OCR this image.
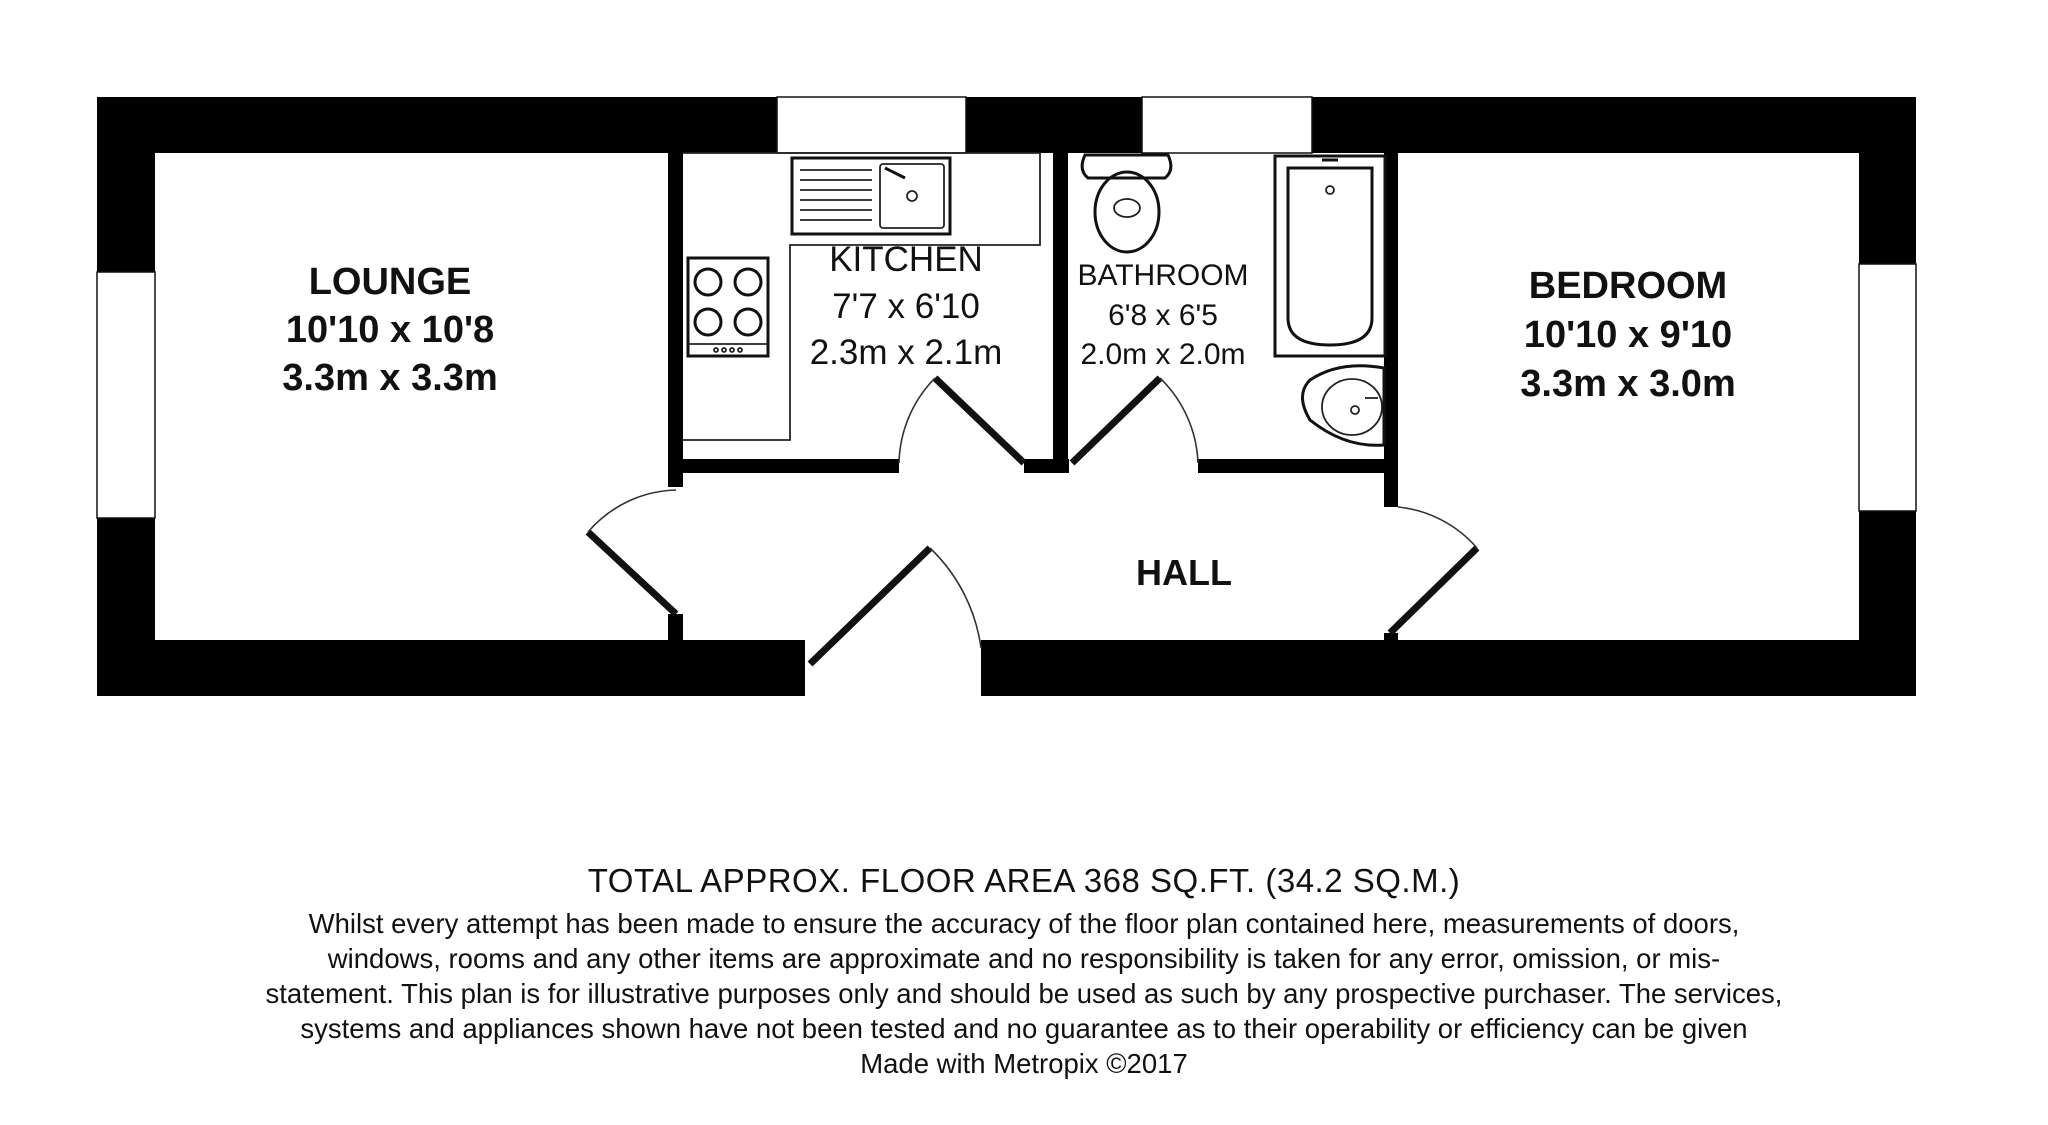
LOUNGE
10'10 x 10'8
3.3m x 3.3m
KITCHEN
7'7 x 6'10
2.3m x 2.1m
BATHROOM
6'8 x 6'5
2.0m x 2.0m
BEDROOM
10'10 x 9'10
3.3m x 3.0m
HALL
TOTAL APPROX. FLOOR AREA 368 SQ.FT. (34.2 SQ.M.)
Whilst every attempt has been made to ensure the accuracy of the floor plan contained here, measurements of doors, windows, rooms and any other items are approximate and no responsibility is taken for any error, omission, or mis-statement. This plan is for illustrative purposes only and should be used as such by any prospective purchaser. The services, systems and appliances shown have not been tested and no guarantee as to their operability or efficiency can be given
Made with Metropix ©2017
